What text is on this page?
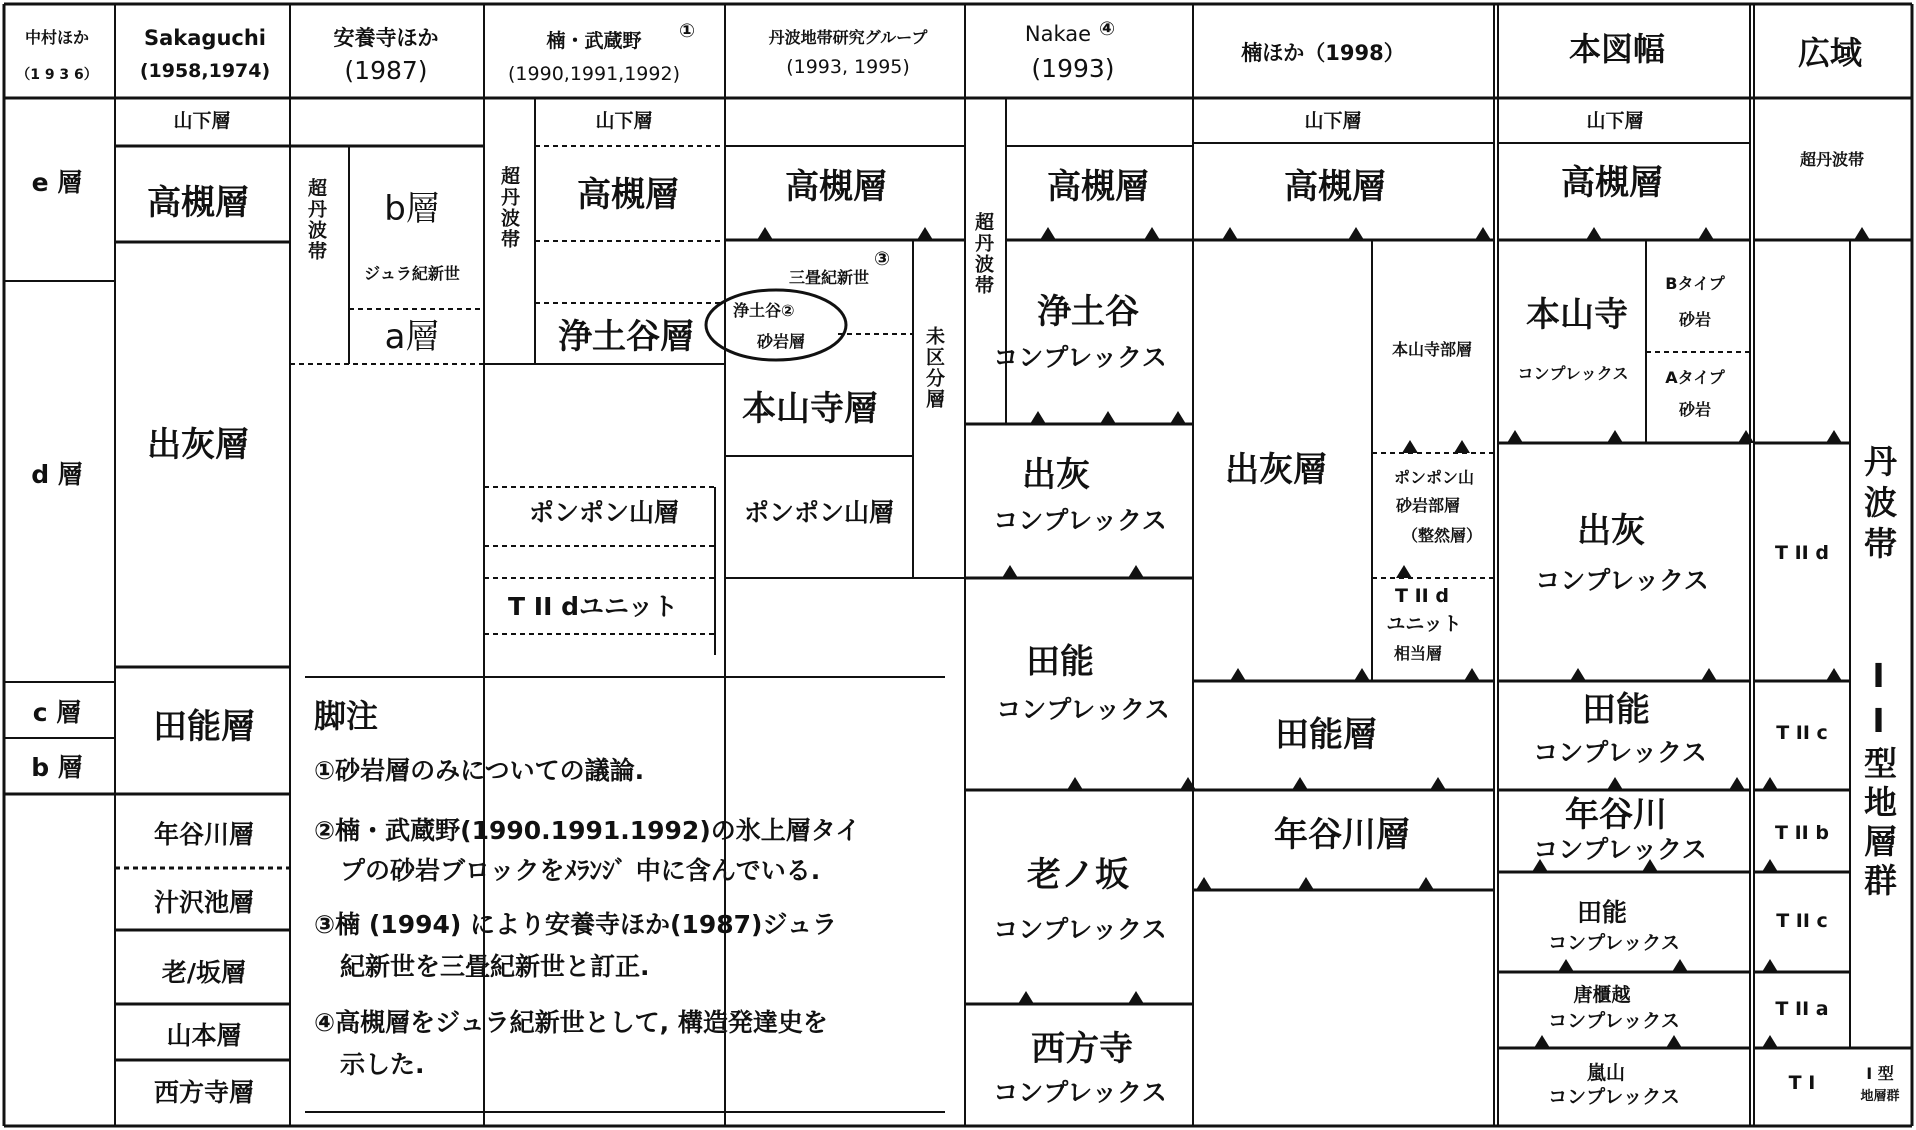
中村ほか
（1 9 3 6）
Sakaguchi
(1958,1974)
安養寺ほか
(1987)
楠・武蔵野 ①
(1990,1991,1992)
丹波地帯研究グループ
(1993, 1995)
Nakae ④
(1993)
楠ほか（1998）	本図幅	広域
e 層
d 層
c 層
b 層
山下層
高槻層
出灰層
田能層
年谷川層
汁沢池層
老/坂層
山本層
西方寺層
超丹波帯 b層
ジュラ紀新世
a層
超丹波帯
山下層
高槻層
浄土谷層
ポンポン山層
T II dユニット
高槻層
三畳紀新世
③
浄土谷②
砂岩層
本山寺層
ポンポン山層
未区分層
超丹波帯
高槻層
浄土谷
コンプレックス
出灰
コンプレックス
田能
コンプレックス
老ノ坂
コンプレックス
西方寺
コンプレックス
山下層
高槻層
出灰層
本山寺部層
ポンポン山
砂岩部層
（整然層）
T II d
ユニット
相当層
田能層
年谷川層
山下層
高槻層
本山寺
コンプレックス
Bタイプ
砂岩
Aタイプ
砂岩
出灰
コンプレックス
田能
コンプレックス
年谷川
コンプレックス
田能
コンプレックス
唐櫃越
コンプレックス
嵐山
コンプレックス
超丹波帯
T II d
T II c
T II b
T II c
T II a
T I
丹波帯
II型地層群
I 型
地層群
脚注
①砂岩層のみについての議論.
②楠・武蔵野(1990.1991.1992)の氷上層タイ
プの砂岩ブロックをﾒﾗﾝｼﾞ 中に含んでいる.
③楠 (1994) により安養寺ほか(1987)ジュラ
紀新世を三畳紀新世と訂正.
④高槻層をジュラ紀新世として, 構造発達史を
示した.
